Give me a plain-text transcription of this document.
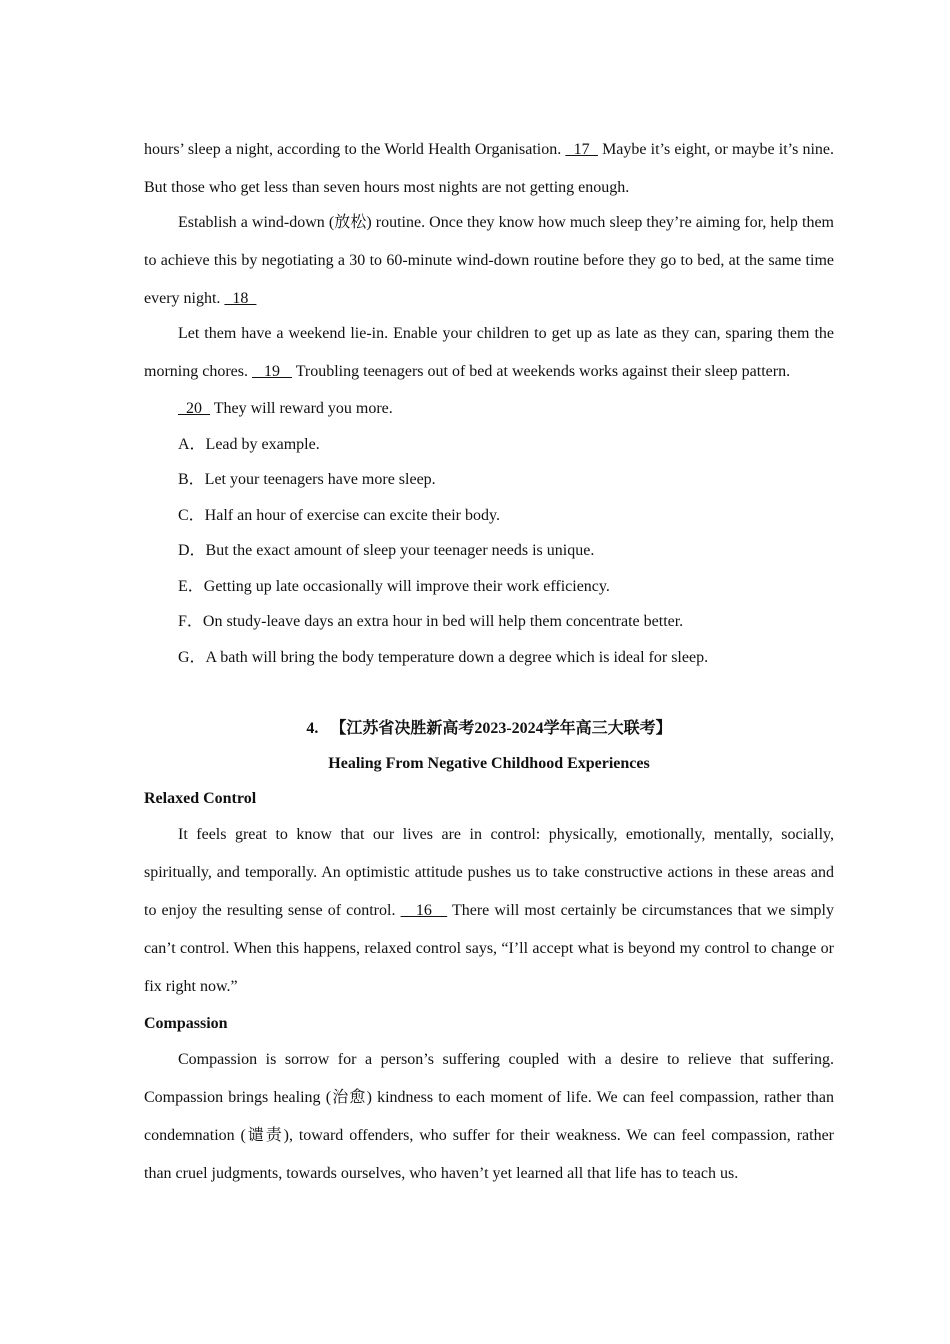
hours’ sleep a night, according to the World Health Organisation.   17   Maybe it’s eight, or maybe it’s nine. But those who get less than seven hours most nights are not getting enough.

Establish a wind-down (放松) routine. Once they know how much sleep they’re aiming for, help them to achieve this by negotiating a 30 to 60-minute wind-down routine before they go to bed, at the same time every night.   18

Let them have a weekend lie-in. Enable your children to get up as late as they can, sparing them the morning chores.    19    Troubling teenagers out of bed at weekends works against their sleep pattern.

20   They will reward you more.

A．Lead by example.

B．Let your teenagers have more sleep.

C．Half an hour of exercise can excite their body.

D．But the exact amount of sleep your teenager needs is unique.

E．Getting up late occasionally will improve their work efficiency.

F．On study-leave days an extra hour in bed will help them concentrate better.

G．A bath will bring the body temperature down a degree which is ideal for sleep.

4. 【江苏省决胜新高考2023-2024学年高三大联考】

Healing From Negative Childhood Experiences

Relaxed Control

It feels great to know that our lives are in control: physically, emotionally, mentally, socially, spiritually, and temporally. An optimistic attitude pushes us to take constructive actions in these areas and to enjoy the resulting sense of control.    16    There will most certainly be circumstances that we simply can’t control. When this happens, relaxed control says, “I’ll accept what is beyond my control to change or fix right now.”

Compassion

Compassion is sorrow for a person’s suffering coupled with a desire to relieve that suffering. Compassion brings healing (治愈) kindness to each moment of life. We can feel compassion, rather than condemnation (谴责), toward offenders, who suffer for their weakness. We can feel compassion, rather than cruel judgments, towards ourselves, who haven’t yet learned all that life has to teach us.
